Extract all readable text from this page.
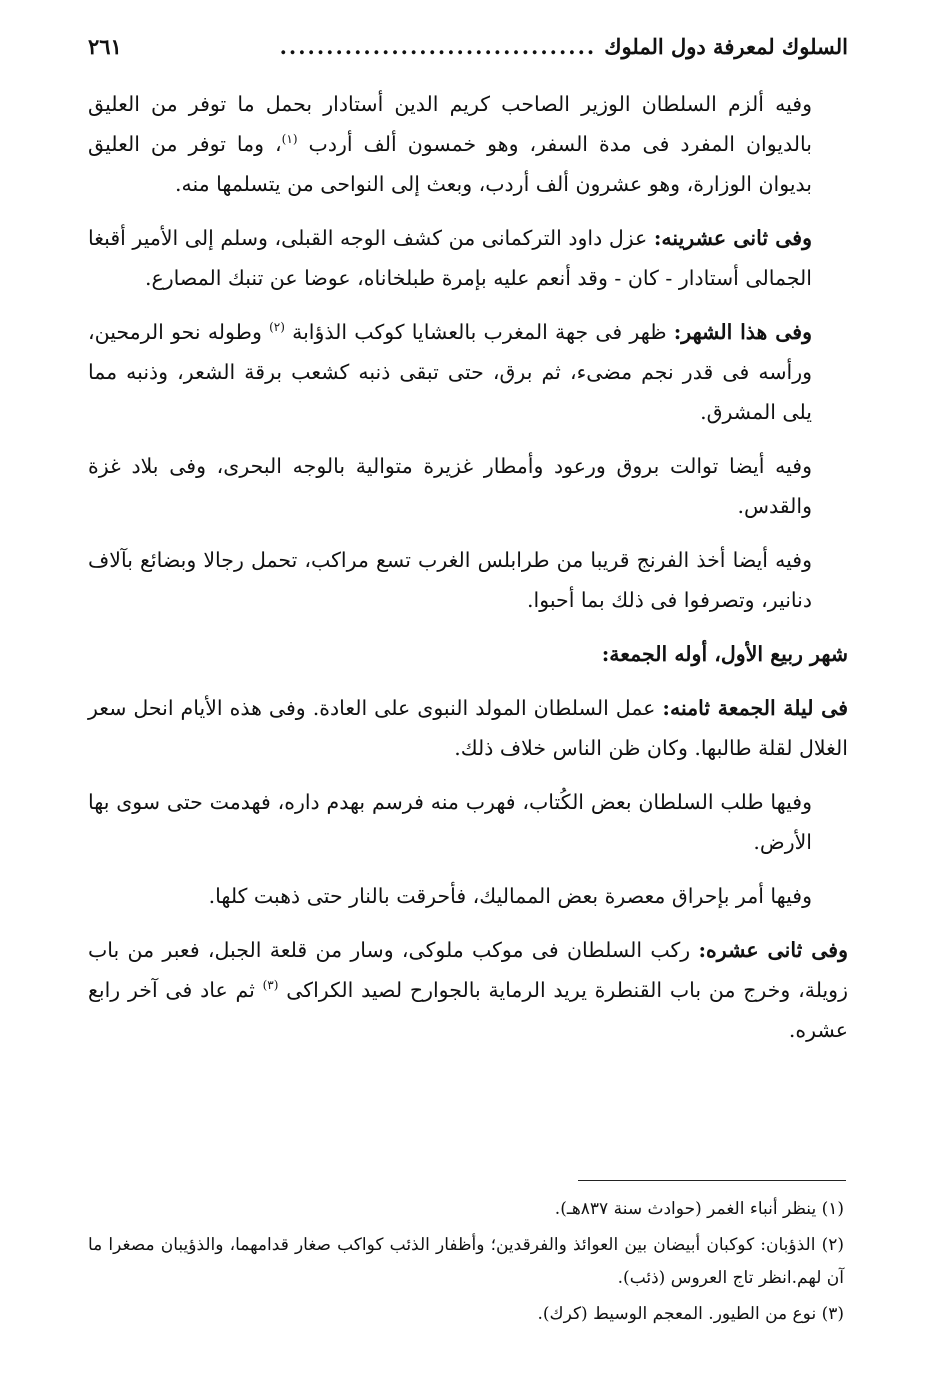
السلوك لمعرفة دول الملوك
..................................
٢٦١

وفيه ألزم السلطان الوزير الصاحب كريم الدين أستادار بحمل ما توفر من العليق بالديوان المفرد فى مدة السفر، وهو خمسون ألف أردب $^{(١)}$، وما توفر من العليق بديوان الوزارة، وهو عشرون ألف أردب، وبعث إلى النواحى من يتسلمها منه.

وفى ثانى عشرينه: عزل داود التركمانى من كشف الوجه القبلى، وسلم إلى الأمير أقبغا الجمالى أستادار - كان - وقد أنعم عليه بإمرة طبلخاناه، عوضا عن تنبك المصارع.

وفى هذا الشهر: ظهر فى جهة المغرب بالعشايا كوكب الذؤابة $^{(٢)}$ وطوله نحو الرمحين، ورأسه فى قدر نجم مضىء، ثم برق، حتى تبقى ذنبه كشعب برقة الشعر، وذنبه مما يلى المشرق.

وفيه أيضا توالت بروق ورعود وأمطار غزيرة متوالية بالوجه البحرى، وفى بلاد غزة والقدس.

وفيه أيضا أخذ الفرنج قريبا من طرابلس الغرب تسع مراكب، تحمل رجالا وبضائع بآلاف دنانير، وتصرفوا فى ذلك بما أحبوا.

شهر ربيع الأول، أوله الجمعة:

فى ليلة الجمعة ثامنه: عمل السلطان المولد النبوى على العادة. وفى هذه الأيام انحل سعر الغلال لقلة طالبها. وكان ظن الناس خلاف ذلك.

وفيها طلب السلطان بعض الكُتاب، فهرب منه فرسم بهدم داره، فهدمت حتى سوى بها الأرض.

وفيها أمر بإحراق معصرة بعض المماليك، فأحرقت بالنار حتى ذهبت كلها.

وفى ثانى عشره: ركب السلطان فى موكب ملوكى، وسار من قلعة الجبل، فعبر من باب زويلة، وخرج من باب القنطرة يريد الرماية بالجوارح لصيد الكراكى $^{(٣)}$ ثم عاد فى آخر رابع عشره.

(١) ينظر أنباء الغمر (حوادث سنة ٨٣٧هـ).

(٢) الذؤبان: كوكبان أبيضان بين العوائذ والفرقدين؛ وأظفار الذئب كواكب صغار قدامهما، والذؤيبان مصغرا ما آن لهم.انظر تاج العروس (ذئب).

(٣) نوع من الطيور. المعجم الوسيط (كرك).
